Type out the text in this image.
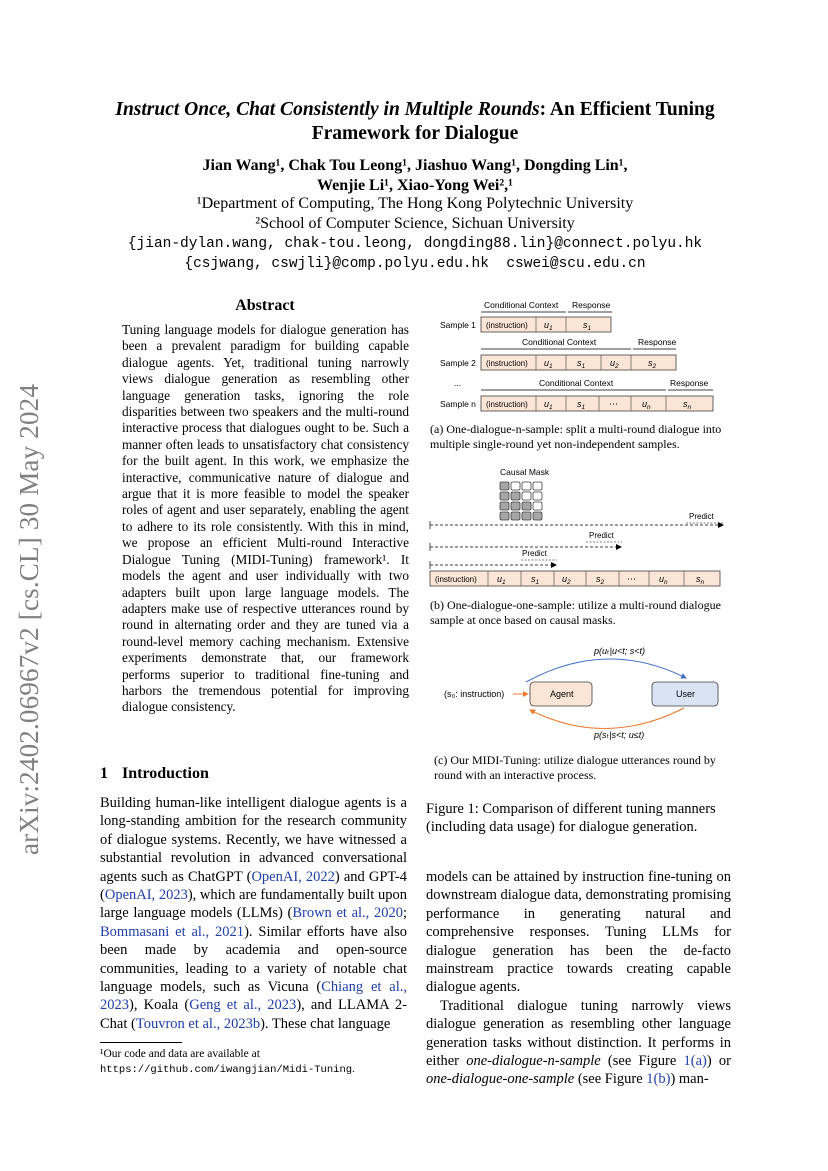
arXiv:2402.06967v2 [cs.CL] 30 May 2024
Instruct Once, Chat Consistently in Multiple Rounds: An Efficient Tuning Framework for Dialogue
Jian Wang¹, Chak Tou Leong¹, Jiashuo Wang¹, Dongding Lin¹,
Wenjie Li¹, Xiao-Yong Wei²,¹
¹Department of Computing, The Hong Kong Polytechnic University
²School of Computer Science, Sichuan University
{jian-dylan.wang, chak-tou.leong, dongding88.lin}@connect.polyu.hk
{csjwang, cswjli}@comp.polyu.edu.hk  cswei@scu.edu.cn
Abstract
Tuning language models for dialogue generation has been a prevalent paradigm for building capable dialogue agents. Yet, traditional tuning narrowly views dialogue generation as resembling other language generation tasks, ignoring the role disparities between two speakers and the multi-round interactive process that dialogues ought to be. Such a manner often leads to unsatisfactory chat consistency for the built agent. In this work, we emphasize the interactive, communicative nature of dialogue and argue that it is more feasible to model the speaker roles of agent and user separately, enabling the agent to adhere to its role consistently. With this in mind, we propose an efficient Multi-round Interactive Dialogue Tuning (MIDI-Tuning) framework¹. It models the agent and user individually with two adapters built upon large language models. The adapters make use of respective utterances round by round in alternating order and they are tuned via a round-level memory caching mechanism. Extensive experiments demonstrate that, our framework performs superior to traditional fine-tuning and harbors the tremendous potential for improving dialogue consistency.
1 Introduction
Building human-like intelligent dialogue agents is a long-standing ambition for the research community of dialogue systems. Recently, we have witnessed a substantial revolution in advanced conversational agents such as ChatGPT (OpenAI, 2022) and GPT-4 (OpenAI, 2023), which are fundamentally built upon large language models (LLMs) (Brown et al., 2020; Bommasani et al., 2021). Similar efforts have also been made by academia and open-source communities, leading to a variety of notable chat language models, such as Vicuna (Chiang et al., 2023), Koala (Geng et al., 2023), and LLAMA 2-Chat (Touvron et al., 2023b). These chat language
¹Our code and data are available at https://github.com/iwangjian/Midi-Tuning.
Conditional Context Response
Sample 1 (instruction) $u_1$	$s_1$
Conditional Context	Response
Sample 2 (instruction) $u_1$	$s_1$	$u_2$	$s_2$
...	Conditional Context	Response
Sample n (instruction) $u_1$	$s_1$	⋯	$u_n$	$s_n$
(a) One-dialogue-n-sample: split a multi-round dialogue into multiple single-round yet non-independent samples.
Causal Mask
Predict
Predict
Predict
(instruction) $u_1$	$s_1$	$u_2$	$s_2$	⋯	$u_n$	$s_n$
(b) One-dialogue-one-sample: utilize a multi-round dialogue sample at once based on causal masks.
p(uₜ|u<t; s<t)
(s₀: instruction)	Agent	User
p(sₜ|s<t; u≤t)
(c) Our MIDI-Tuning: utilize dialogue utterances round by round with an interactive process.
Figure 1: Comparison of different tuning manners (including data usage) for dialogue generation.

models can be attained by instruction fine-tuning on downstream dialogue data, demonstrating promising performance in generating natural and comprehensive responses. Tuning LLMs for dialogue generation has been the de-facto mainstream practice towards creating capable dialogue agents.

Traditional dialogue tuning narrowly views dialogue generation as resembling other language generation tasks without distinction. It performs in either one-dialogue-n-sample (see Figure 1(a)) or one-dialogue-one-sample (see Figure 1(b)) man-
